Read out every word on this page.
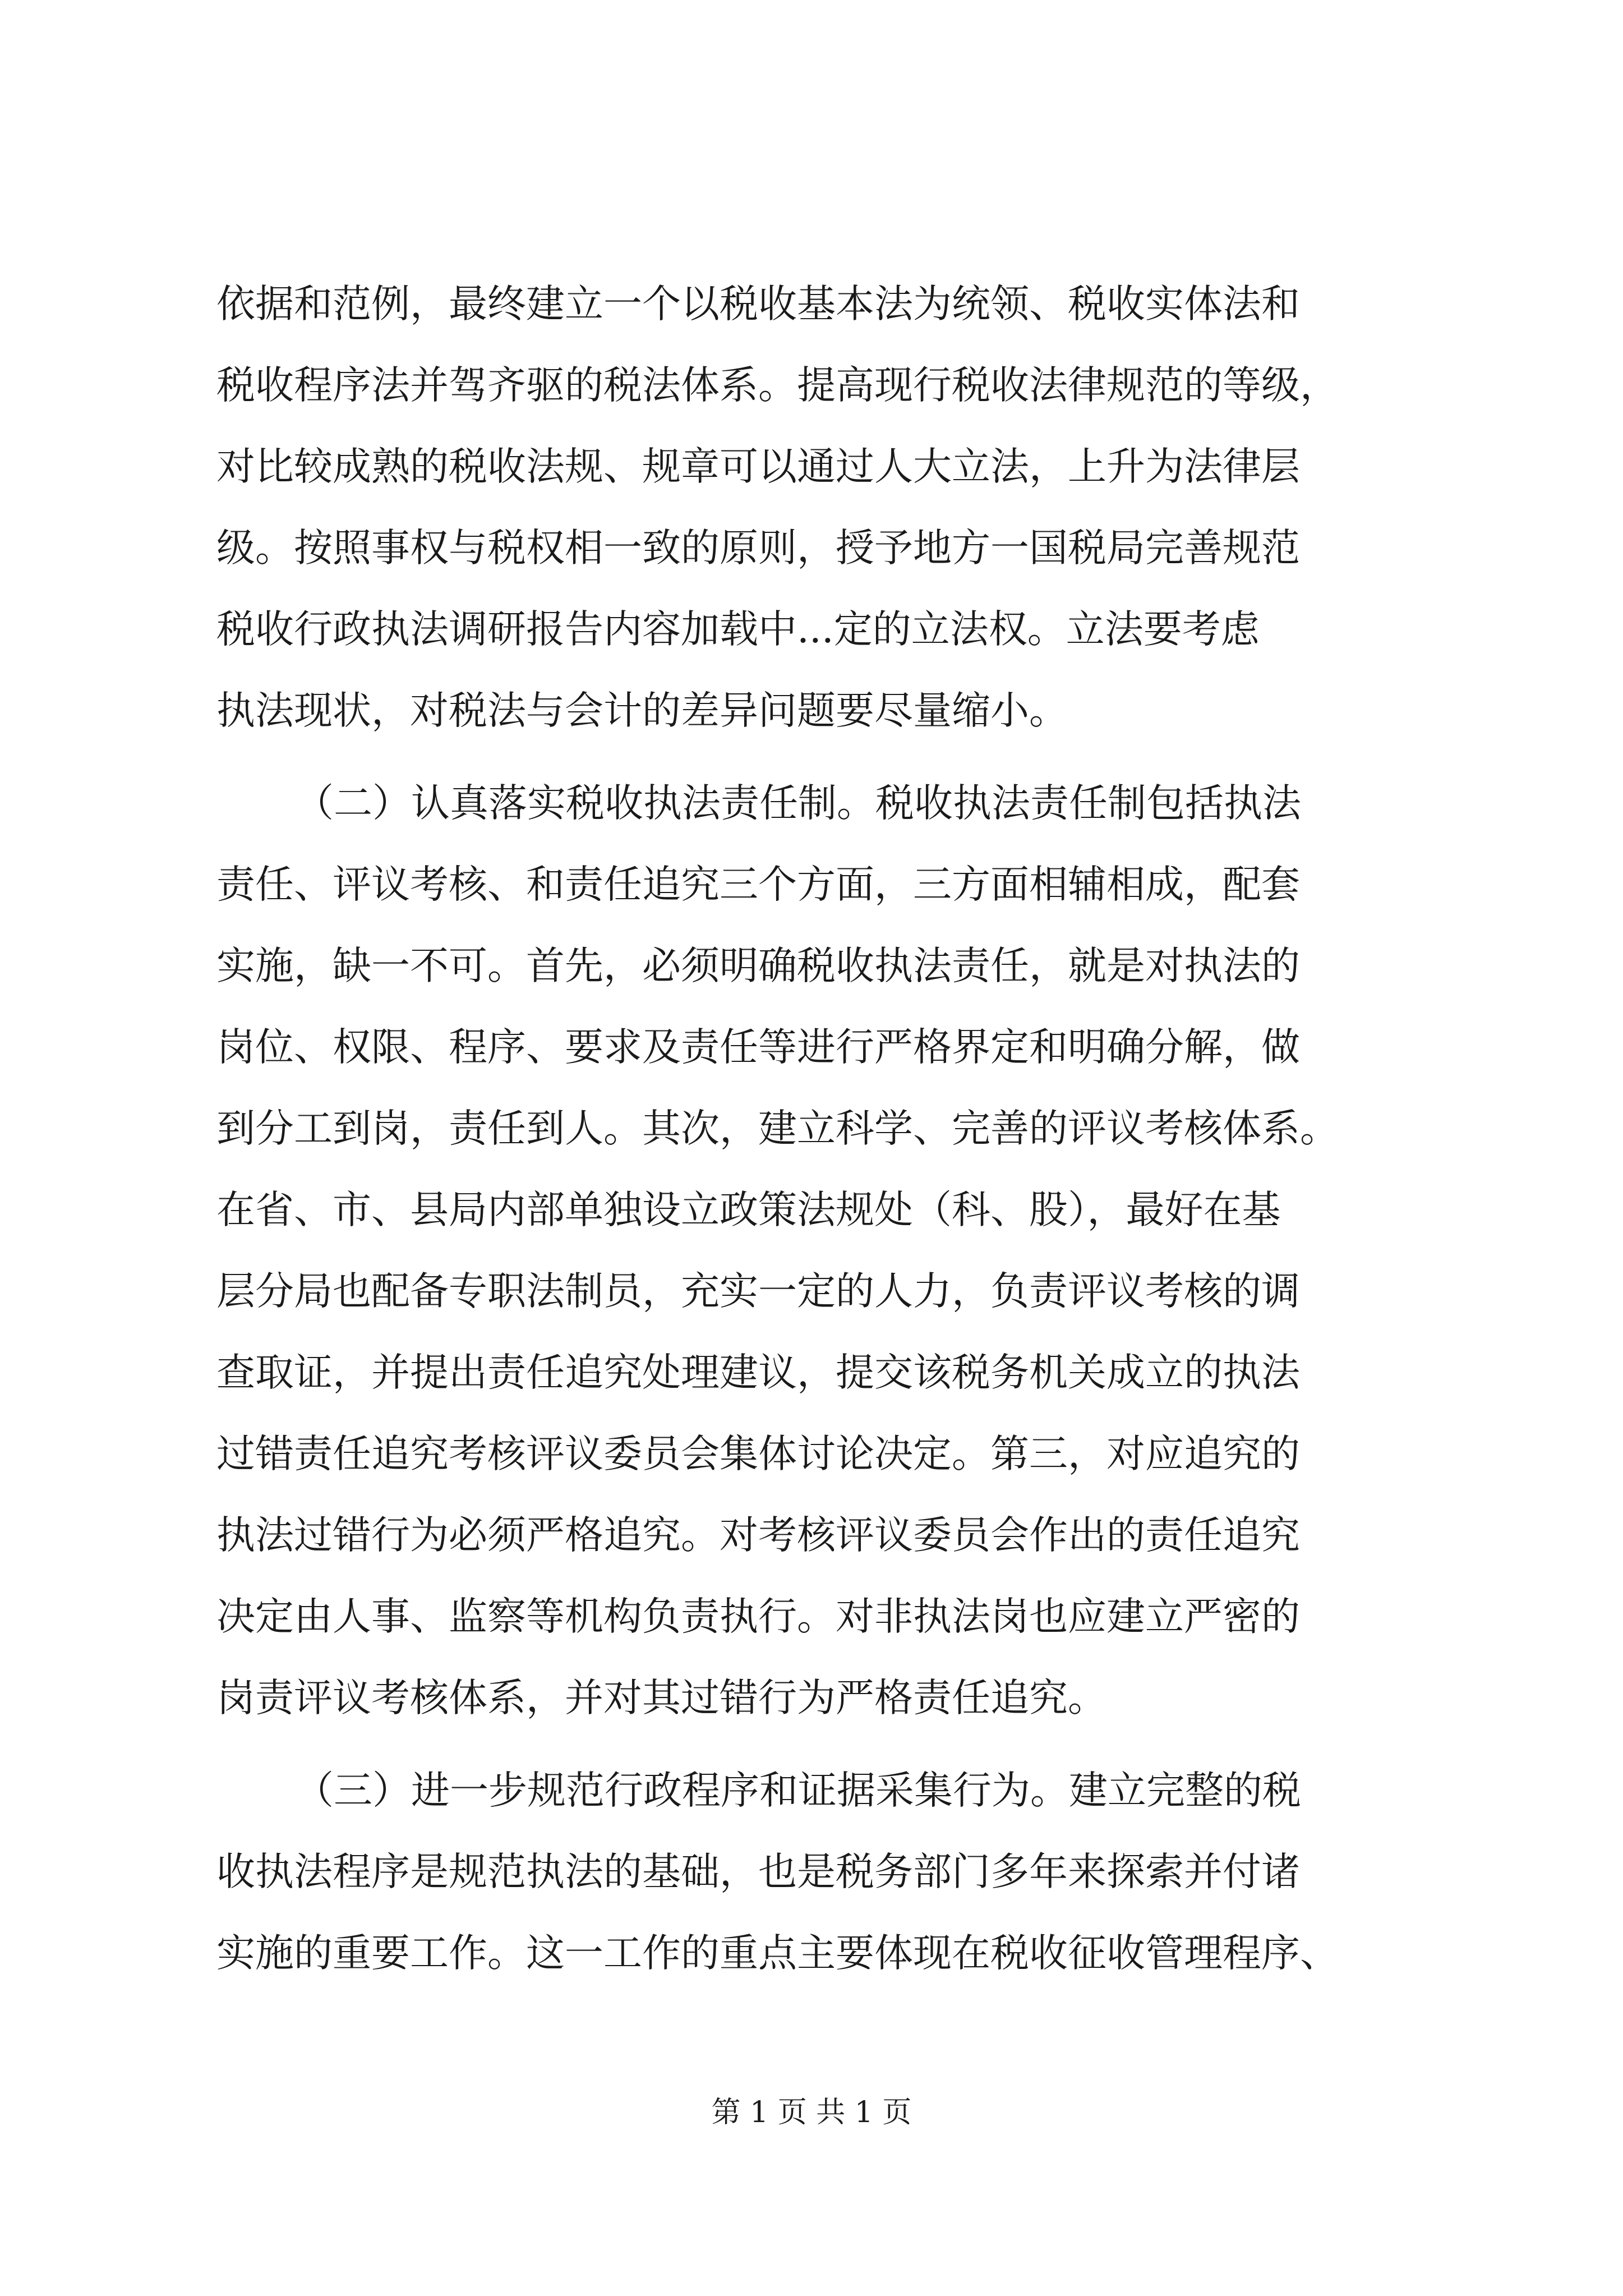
依据和范例，最终建立一个以税收基本法为统领、税收实体法和
税收程序法并驾齐驱的税法体系。提高现行税收法律规范的等级，
对比较成熟的税收法规、规章可以通过人大立法，上升为法律层
级。按照事权与税权相一致的原则，授予地方一国税局完善规范
税收行政执法调研报告内容加载中...定的立法权。立法要考虑
执法现状，对税法与会计的差异问题要尽量缩小。
（二）认真落实税收执法责任制。税收执法责任制包括执法
责任、评议考核、和责任追究三个方面，三方面相辅相成，配套
实施，缺一不可。首先，必须明确税收执法责任，就是对执法的
岗位、权限、程序、要求及责任等进行严格界定和明确分解，做
到分工到岗，责任到人。其次，建立科学、完善的评议考核体系。
在省、市、县局内部单独设立政策法规处（科、股），最好在基
层分局也配备专职法制员，充实一定的人力，负责评议考核的调
查取证，并提出责任追究处理建议，提交该税务机关成立的执法
过错责任追究考核评议委员会集体讨论决定。第三，对应追究的
执法过错行为必须严格追究。对考核评议委员会作出的责任追究
决定由人事、监察等机构负责执行。对非执法岗也应建立严密的
岗责评议考核体系，并对其过错行为严格责任追究。
（三）进一步规范行政程序和证据采集行为。建立完整的税
收执法程序是规范执法的基础，也是税务部门多年来探索并付诸
实施的重要工作。这一工作的重点主要体现在税收征收管理程序、
第 1 页 共 1 页
